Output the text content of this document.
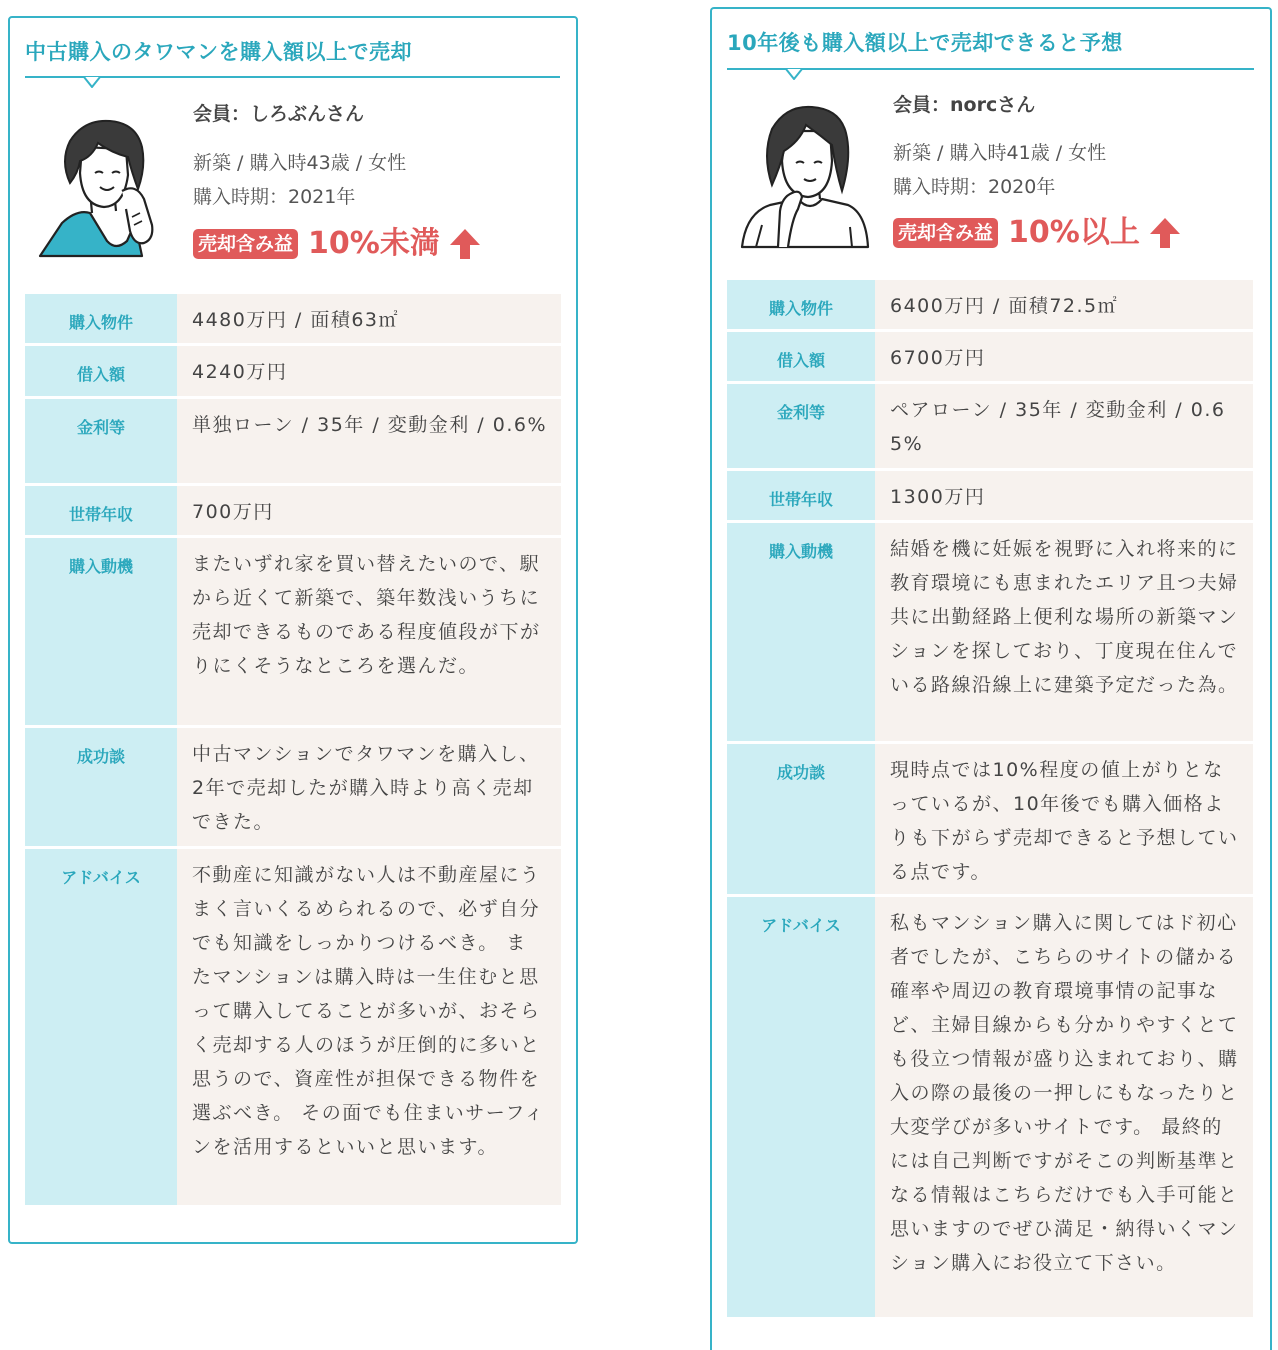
中古購入のタワマンを購入額以上で売却
会員：しろぶんさん
新築 / 購入時43歳 / 女性
購入時期：2021年
売却含み益 10%未満
購入物件	4480万円 / 面積63㎡
借入額	4240万円
金利等	単独ローン / 35年 / 変動金利 / 0.6%
世帯年収	700万円
購入動機	またいずれ家を買い替えたいので、駅から近くて新築で、築年数浅いうちに売却できるものである程度値段が下がりにくそうなところを選んだ。
成功談	中古マンションでタワマンを購入し、2年で売却したが購入時より高く売却できた。
アドバイス	不動産に知識がない人は不動産屋にうまく言いくるめられるので、必ず自分でも知識をしっかりつけるべき。 またマンションは購入時は一生住むと思って購入してることが多いが、おそらく売却する人のほうが圧倒的に多いと思うので、資産性が担保できる物件を選ぶべき。 その面でも住まいサーフィンを活用するといいと思います。
10年後も購入額以上で売却できると予想
会員：norcさん
新築 / 購入時41歳 / 女性
購入時期：2020年
売却含み益 10%以上
購入物件	6400万円 / 面積72.5㎡
借入額	6700万円
金利等	ペアローン / 35年 / 変動金利 / 0.65%
世帯年収	1300万円
購入動機	結婚を機に妊娠を視野に入れ将来的に教育環境にも恵まれたエリア且つ夫婦共に出勤経路上便利な場所の新築マンションを探しており、丁度現在住んでいる路線沿線上に建築予定だった為。
成功談	現時点では10%程度の値上がりとなっているが、10年後でも購入価格よりも下がらず売却できると予想している点です。
アドバイス	私もマンション購入に関してはド初心者でしたが、こちらのサイトの儲かる確率や周辺の教育環境事情の記事など、主婦目線からも分かりやすくとても役立つ情報が盛り込まれており、購入の際の最後の一押しにもなったりと大変学びが多いサイトです。 最終的には自己判断ですがそこの判断基準となる情報はこちらだけでも入手可能と思いますのでぜひ満足・納得いくマンション購入にお役立て下さい。
